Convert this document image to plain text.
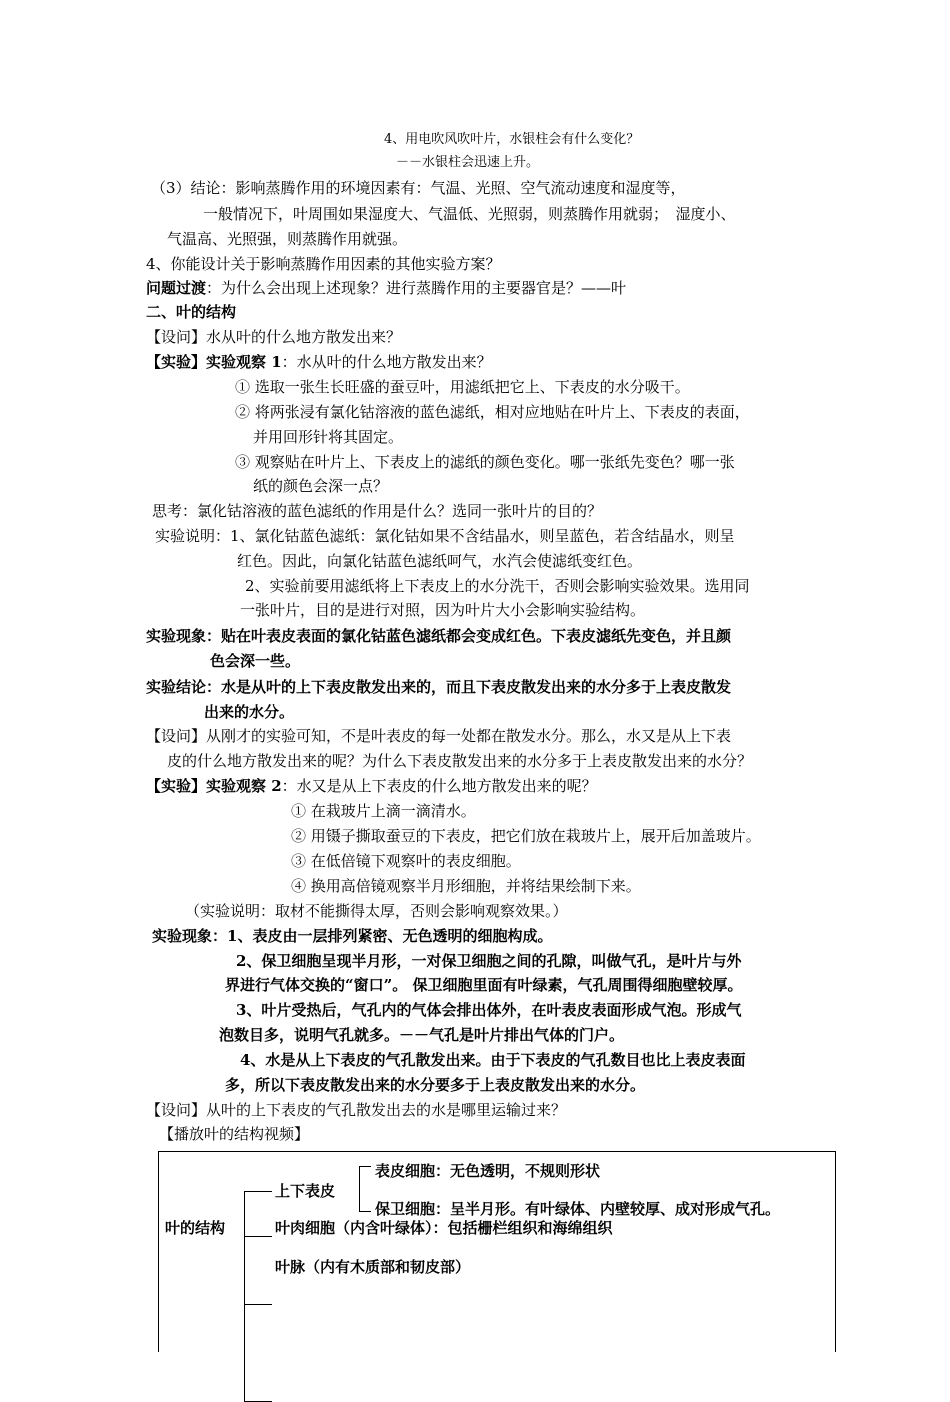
4、用电吹风吹叶片，水银柱会有什么变化？
－－水银柱会迅速上升。
（3）结论：影响蒸腾作用的环境因素有：气温、光照、空气流动速度和湿度等，
一般情况下，叶周围如果湿度大、气温低、光照弱，则蒸腾作用就弱；　湿度小、
气温高、光照强，则蒸腾作用就强。
4、你能设计关于影响蒸腾作用因素的其他实验方案？
问题过渡：为什么会出现上述现象？进行蒸腾作用的主要器官是？——叶
二、叶的结构
【设问】水从叶的什么地方散发出来？
【实验】实验观察 1：水从叶的什么地方散发出来？
① 选取一张生长旺盛的蚕豆叶，用滤纸把它上、下表皮的水分吸干。
② 将两张浸有氯化钴溶液的蓝色滤纸，相对应地贴在叶片上、下表皮的表面，
并用回形针将其固定。
③ 观察贴在叶片上、下表皮上的滤纸的颜色变化。哪一张纸先变色？哪一张
纸的颜色会深一点？
思考：氯化钴溶液的蓝色滤纸的作用是什么？选同一张叶片的目的？
实验说明：1、氯化钴蓝色滤纸：氯化钴如果不含结晶水，则呈蓝色，若含结晶水，则呈
红色。因此，向氯化钴蓝色滤纸呵气，水汽会使滤纸变红色。
2、实验前要用滤纸将上下表皮上的水分洗干，否则会影响实验效果。选用同
一张叶片，目的是进行对照，因为叶片大小会影响实验结构。
实验现象：贴在叶表皮表面的氯化钴蓝色滤纸都会变成红色。下表皮滤纸先变色，并且颜
色会深一些。
实验结论：水是从叶的上下表皮散发出来的，而且下表皮散发出来的水分多于上表皮散发
出来的水分。
【设问】从刚才的实验可知，不是叶表皮的每一处都在散发水分。那么，水又是从上下表
皮的什么地方散发出来的呢？为什么下表皮散发出来的水分多于上表皮散发出来的水分？
【实验】实验观察 2：水又是从上下表皮的什么地方散发出来的呢？
① 在栽玻片上滴一滴清水。
② 用镊子撕取蚕豆的下表皮，把它们放在栽玻片上，展开后加盖玻片。
③ 在低倍镜下观察叶的表皮细胞。
④ 换用高倍镜观察半月形细胞，并将结果绘制下来。
（实验说明：取材不能撕得太厚，否则会影响观察效果。）
实验现象：1、表皮由一层排列紧密、无色透明的细胞构成。
2、保卫细胞呈现半月形，一对保卫细胞之间的孔隙，叫做气孔，是叶片与外
界进行气体交换的“窗口”。 保卫细胞里面有叶绿素，气孔周围得细胞壁较厚。
3、叶片受热后，气孔内的气体会排出体外，在叶表皮表面形成气泡。形成气
泡数目多，说明气孔就多。－－气孔是叶片排出气体的门户。
4、水是从上下表皮的气孔散发出来。由于下表皮的气孔数目也比上表皮表面
多，所以下表皮散发出来的水分要多于上表皮散发出来的水分。
【设问】从叶的上下表皮的气孔散发出去的水是哪里运输过来？
【播放叶的结构视频】
叶的结构
上下表皮
表皮细胞：无色透明，不规则形状
保卫细胞：呈半月形。有叶绿体、内壁较厚、成对形成气孔。
叶肉细胞（内含叶绿体）：包括栅栏组织和海绵组织
叶脉（内有木质部和韧皮部）
